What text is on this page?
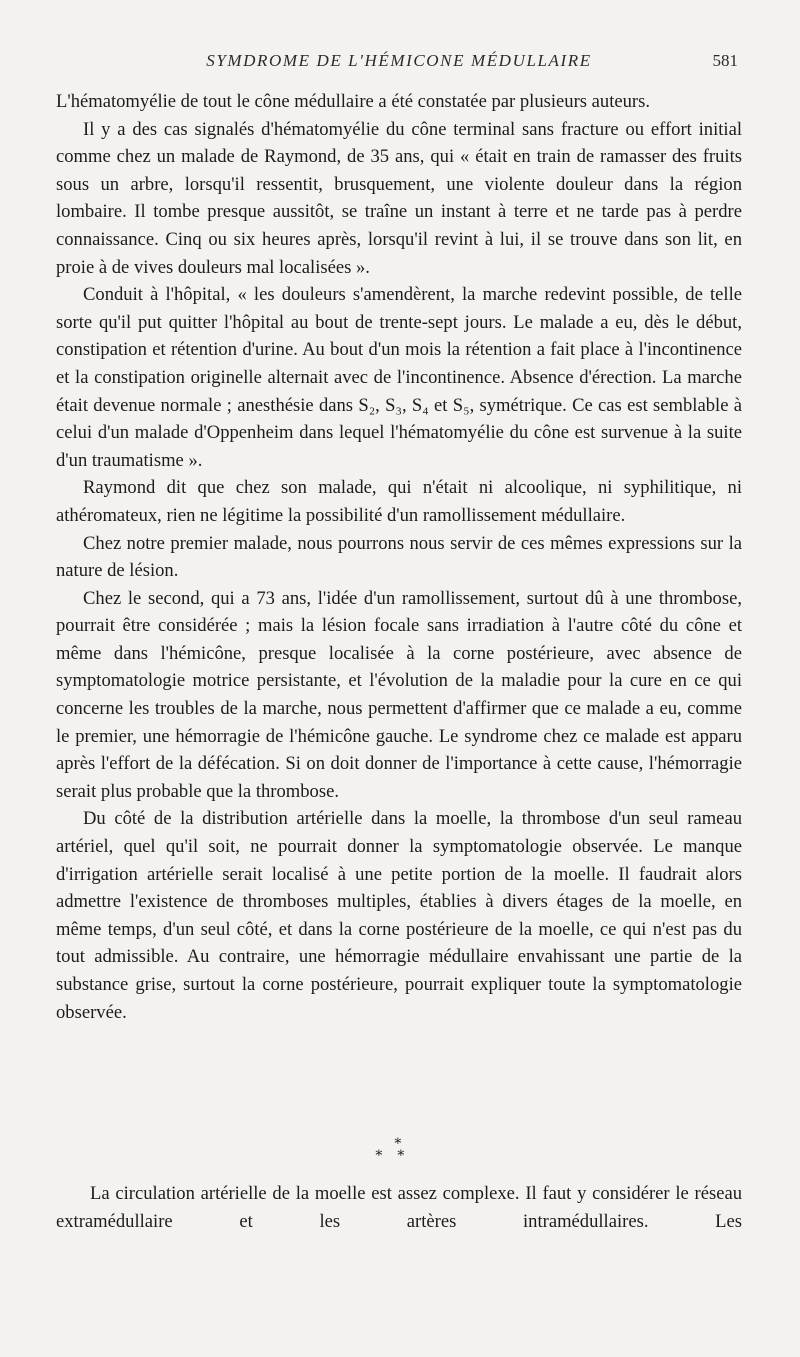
SYMDROME DE L'HÉMICONE MÉDULLAIRE	581

L'hématomyélie de tout le cône médullaire a été constatée par plusieurs auteurs.

Il y a des cas signalés d'hématomyélie du cône terminal sans fracture ou effort initial comme chez un malade de Raymond, de 35 ans, qui « était en train de ramasser des fruits sous un arbre, lorsqu'il ressentit, brusquement, une violente douleur dans la région lombaire. Il tombe presque aussitôt, se traîne un instant à terre et ne tarde pas à perdre connaissance. Cinq ou six heures après, lorsqu'il revint à lui, il se trouve dans son lit, en proie à de vives douleurs mal localisées ».

Conduit à l'hôpital, « les douleurs s'amendèrent, la marche redevint possible, de telle sorte qu'il put quitter l'hôpital au bout de trente-sept jours. Le malade a eu, dès le début, constipation et rétention d'urine. Au bout d'un mois la rétention a fait place à l'incontinence et la constipation originelle alternait avec de l'incontinence. Absence d'érection. La marche était devenue normale ; anesthésie dans S₂, S₃, S₄ et S₅, symétrique. Ce cas est semblable à celui d'un malade d'Oppenheim dans lequel l'hématomyélie du cône est survenue à la suite d'un traumatisme ».

Raymond dit que chez son malade, qui n'était ni alcoolique, ni syphilitique, ni athéromateux, rien ne légitime la possibilité d'un ramollissement médullaire.

Chez notre premier malade, nous pourrons nous servir de ces mêmes expressions sur la nature de lésion.

Chez le second, qui a 73 ans, l'idée d'un ramollissement, surtout dû à une thrombose, pourrait être considérée ; mais la lésion focale sans irradiation à l'autre côté du cône et même dans l'hémicône, presque localisée à la corne postérieure, avec absence de symptomatologie motrice persistante, et l'évolution de la maladie pour la cure en ce qui concerne les troubles de la marche, nous permettent d'affirmer que ce malade a eu, comme le premier, une hémorragie de l'hémicône gauche. Le syndrome chez ce malade est apparu après l'effort de la défécation. Si on doit donner de l'importance à cette cause, l'hémorragie serait plus probable que la thrombose.

Du côté de la distribution artérielle dans la moelle, la thrombose d'un seul rameau artériel, quel qu'il soit, ne pourrait donner la symptomatologie observée. Le manque d'irrigation artérielle serait localisé à une petite portion de la moelle. Il faudrait alors admettre l'existence de thromboses multiples, établies à divers étages de la moelle, en même temps, d'un seul côté, et dans la corne postérieure de la moelle, ce qui n'est pas du tout admissible. Au contraire, une hémorragie médullaire envahissant une partie de la substance grise, surtout la corne postérieure, pourrait expliquer toute la symptomatologie observée.

∗
∗ ∗

La circulation artérielle de la moelle est assez complexe. Il faut y considérer le réseau extramédullaire et les artères intramédullaires. Les
